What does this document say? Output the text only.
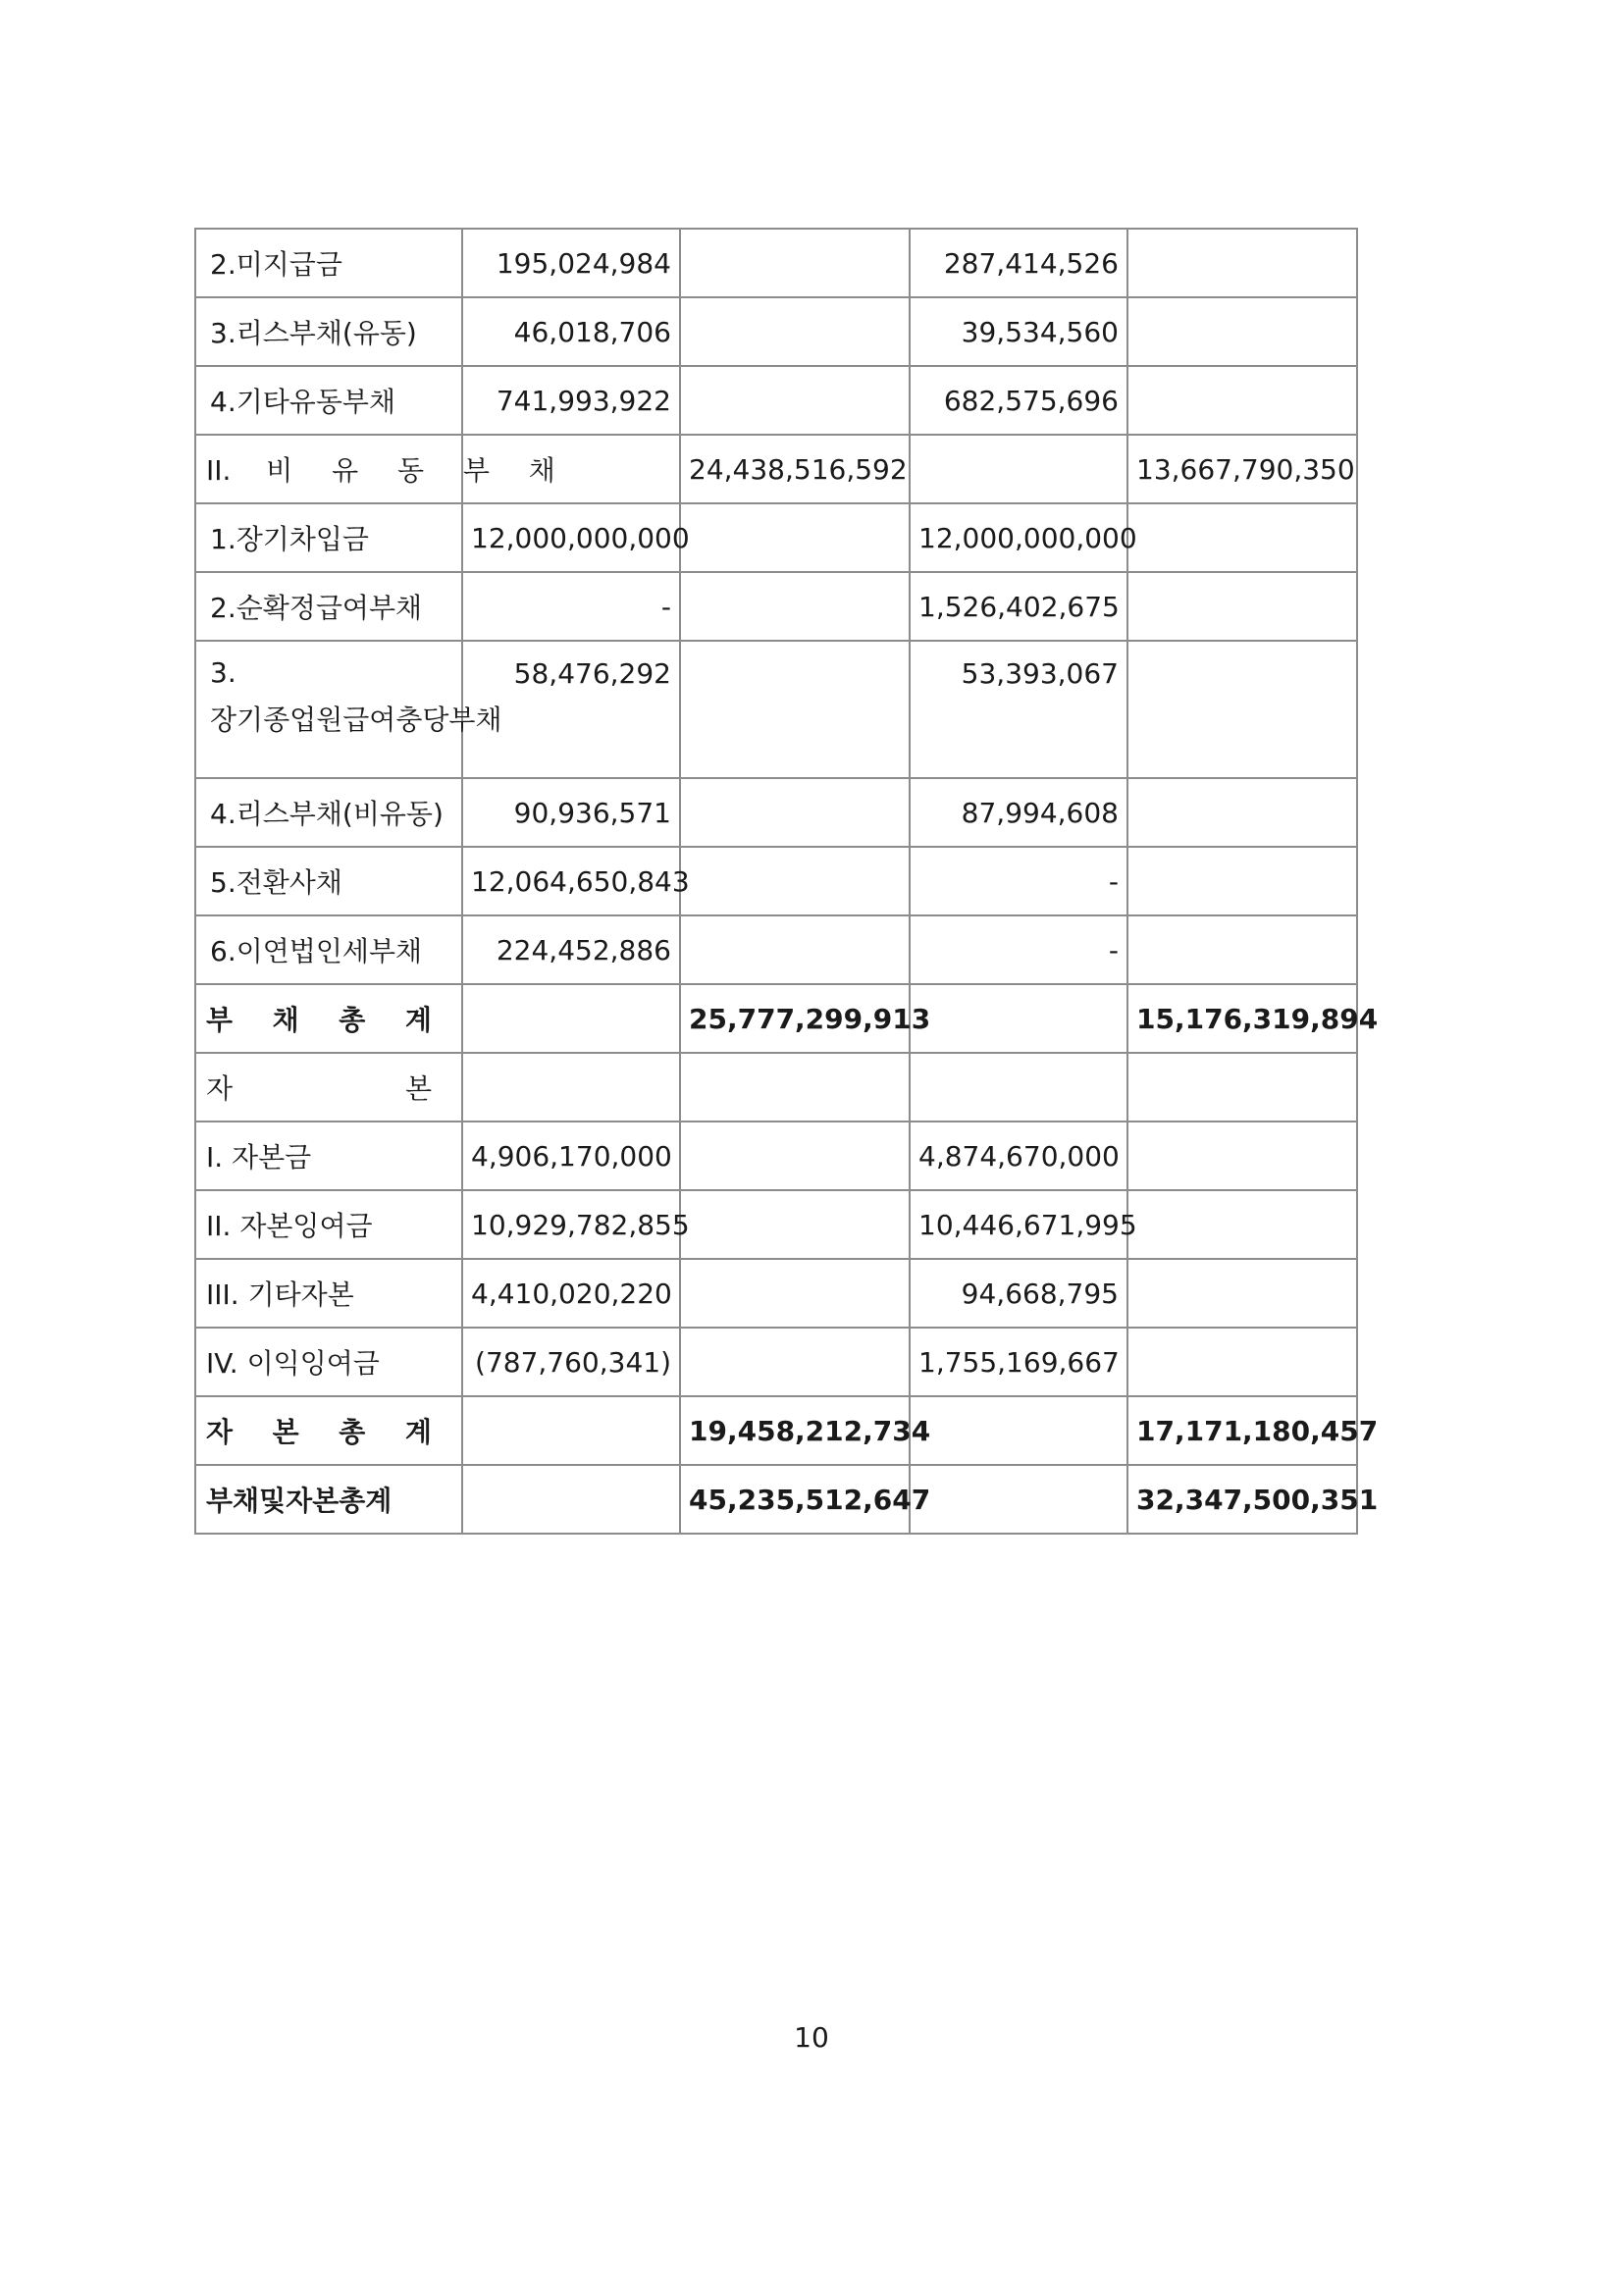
2.미지급금	195,024,984		287,414,526	
3.리스부채(유동)	46,018,706		39,534,560	
4.기타유동부채	741,993,922		682,575,696	
II. 비 유 동 부 채		24,438,516,592		13,667,790,350
1.장기차입금	12,000,000,000		12,000,000,000	
2.순확정급여부채	-		1,526,402,675	
3.장기종업원급여충당부채	58,476,292		53,393,067	
4.리스부채(비유동)	90,936,571		87,994,608	
5.전환사채	12,064,650,843		-	
6.이연법인세부채	224,452,886		-	

부 채 총 계		25,777,299,913		15,176,319,894

자 본				

I. 자본금	4,906,170,000		4,874,670,000	
II. 자본잉여금	10,929,782,855		10,446,671,995	
III. 기타자본	4,410,020,220		94,668,795	
IV. 이익잉여금	(787,760,341)		1,755,169,667	

자 본 총 계		19,458,212,734		17,171,180,457
부채및자본총계		45,235,512,647		32,347,500,351
10
